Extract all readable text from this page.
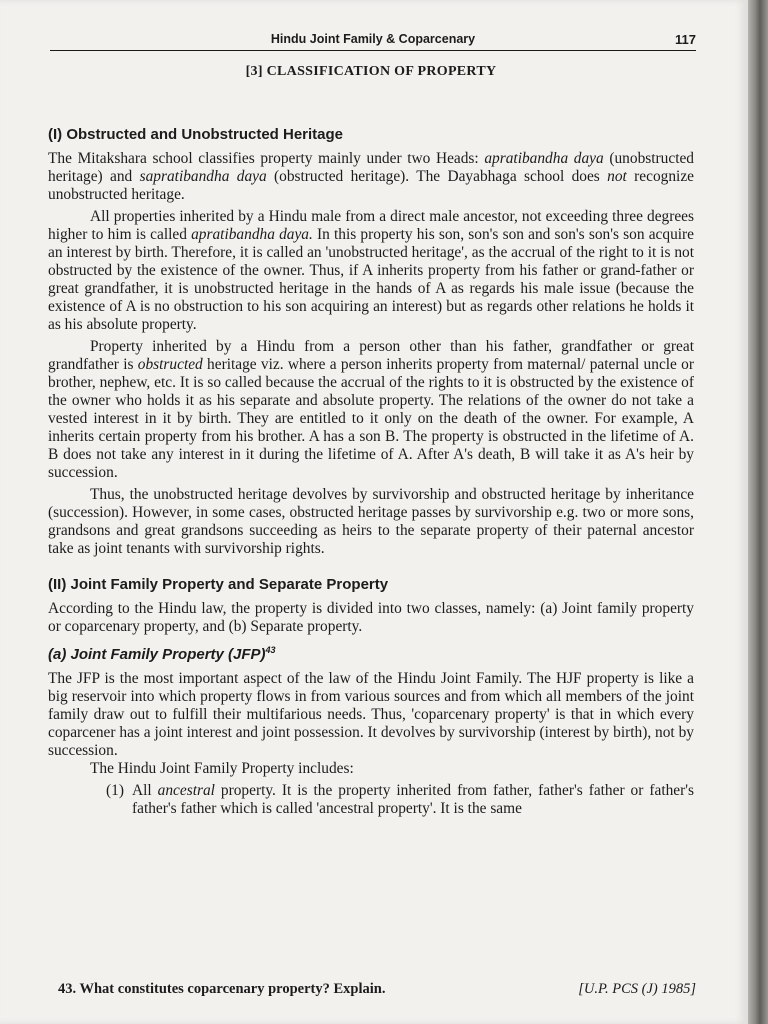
Hindu Joint Family & Coparcenary	117
[3] CLASSIFICATION OF PROPERTY
(I) Obstructed and Unobstructed Heritage

The Mitakshara school classifies property mainly under two Heads: apratibandha daya (unobstructed heritage) and sapratibandha daya (obstructed heritage). The Dayabhaga school does not recognize unobstructed heritage.

All properties inherited by a Hindu male from a direct male ancestor, not exceeding three degrees higher to him is called apratibandha daya. In this property his son, son's son and son's son's son acquire an interest by birth. Therefore, it is called an 'unobstructed heritage', as the accrual of the right to it is not obstructed by the existence of the owner. Thus, if A inherits property from his father or grand-father or great grandfather, it is unobstructed heritage in the hands of A as regards his male issue (because the existence of A is no obstruction to his son acquiring an interest) but as regards other relations he holds it as his absolute property.

Property inherited by a Hindu from a person other than his father, grandfather or great grandfather is obstructed heritage viz. where a person inherits property from maternal/ paternal uncle or brother, nephew, etc. It is so called because the accrual of the rights to it is obstructed by the existence of the owner who holds it as his separate and absolute property. The relations of the owner do not take a vested interest in it by birth. They are entitled to it only on the death of the owner. For example, A inherits certain property from his brother. A has a son B. The property is obstructed in the lifetime of A. B does not take any interest in it during the lifetime of A. After A's death, B will take it as A's heir by succession.

Thus, the unobstructed heritage devolves by survivorship and obstructed heritage by inheritance (succession). However, in some cases, obstructed heritage passes by survivorship e.g. two or more sons, grandsons and great grandsons succeeding as heirs to the separate property of their paternal ancestor take as joint tenants with survivorship rights.

(II) Joint Family Property and Separate Property

According to the Hindu law, the property is divided into two classes, namely: (a) Joint family property or coparcenary property, and (b) Separate property.

(a) Joint Family Property (JFP)$^{43}$

The JFP is the most important aspect of the law of the Hindu Joint Family. The HJF property is like a big reservoir into which property flows in from various sources and from which all members of the joint family draw out to fulfill their multifarious needs. Thus, 'coparcenary property' is that in which every coparcener has a joint interest and joint possession. It devolves by survivorship (interest by birth), not by succession.

The Hindu Joint Family Property includes:

(1) All ancestral property. It is the property inherited from father, father's father or father's father's father which is called 'ancestral property'. It is the same
43. What constitutes coparcenary property? Explain.	[U.P. PCS (J) 1985]
